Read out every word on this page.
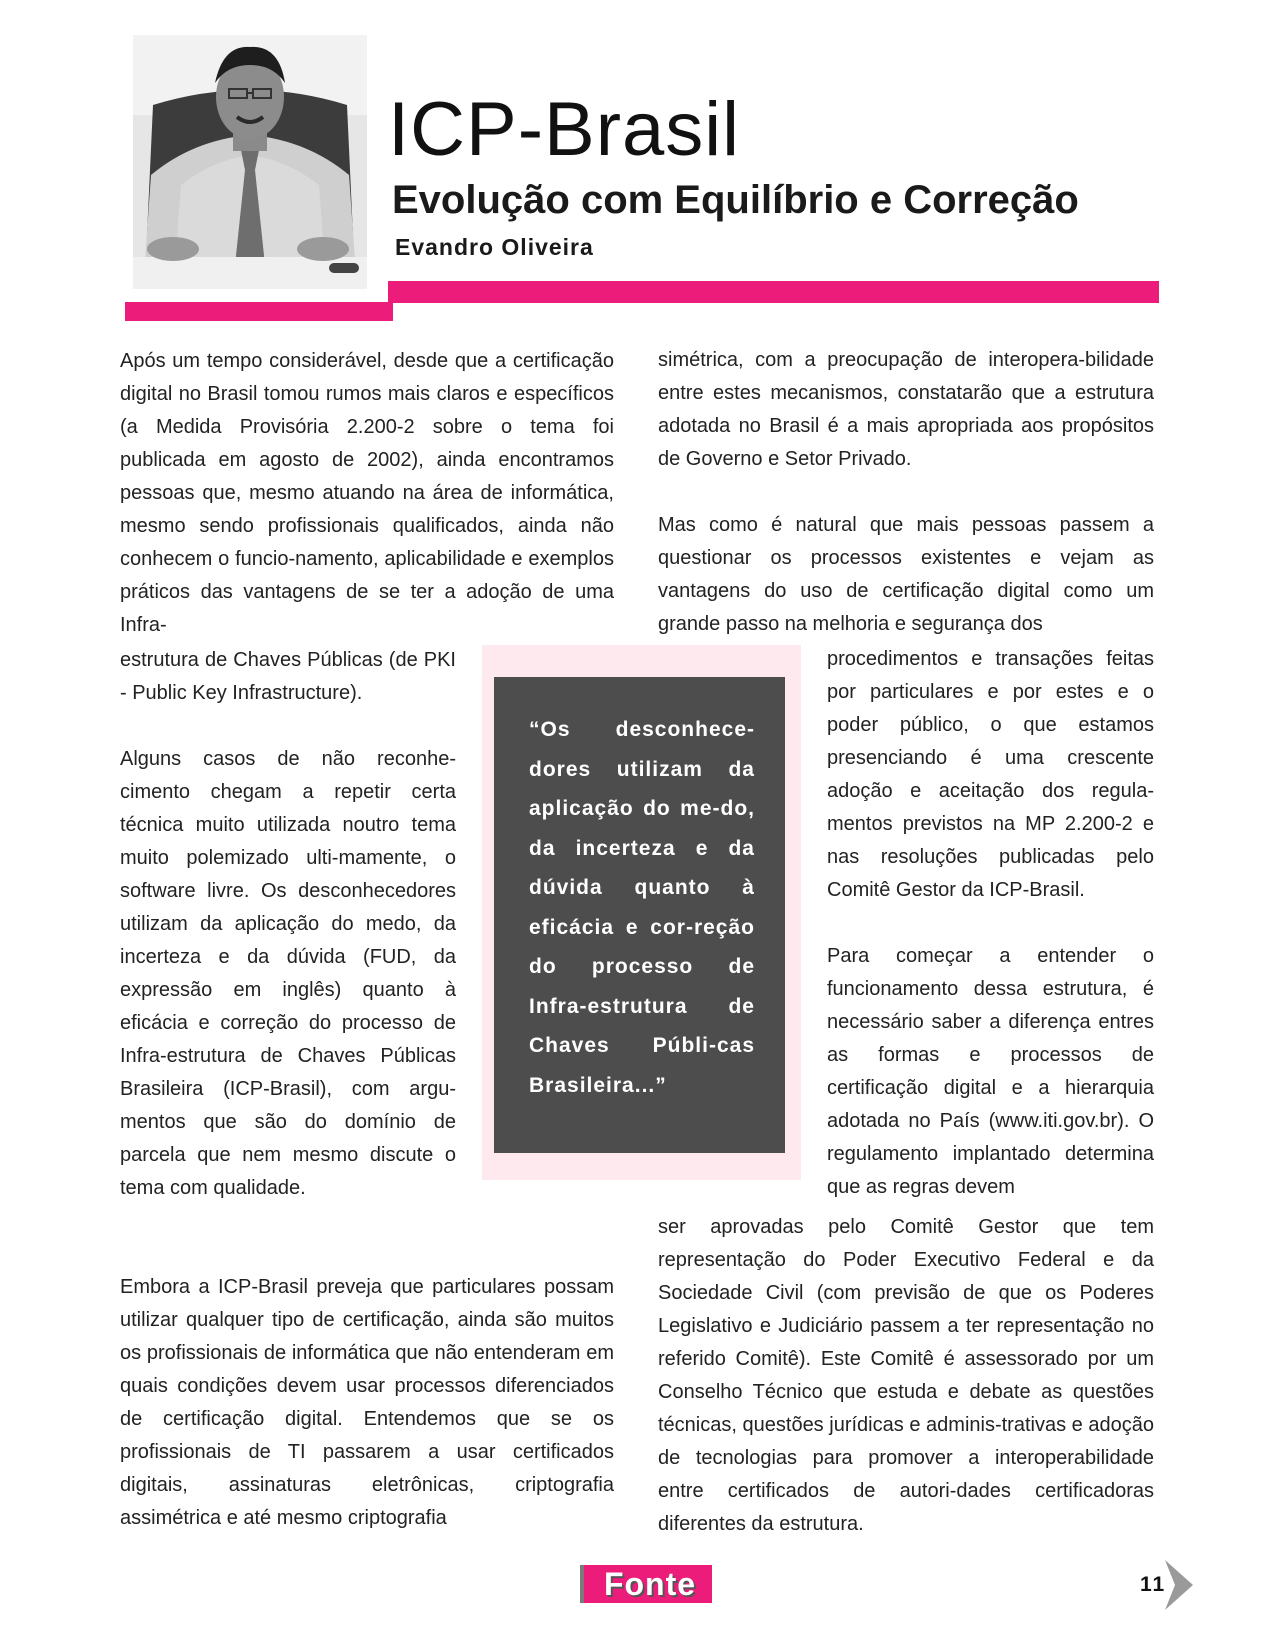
ICP-Brasil
Evolução com Equilíbrio e Correção
Evandro Oliveira

Após um tempo considerável, desde que a certificação digital no Brasil tomou rumos mais claros e específicos (a Medida Provisória 2.200-2 sobre o tema foi publicada em agosto de 2002), ainda encontramos pessoas que, mesmo atuando na área de informática, mesmo sendo profissionais qualificados, ainda não conhecem o funcio-namento, aplicabilidade e exemplos práticos das vantagens de se ter a adoção de uma Infra-

estrutura de Chaves Públicas (de PKI - Public Key Infrastructure).

Alguns casos de não reconhe-cimento chegam a repetir certa técnica muito utilizada noutro tema muito polemizado ulti-mamente, o software livre. Os desconhecedores utilizam da aplicação do medo, da incerteza e da dúvida (FUD, da expressão em inglês) quanto à eficácia e correção do processo de Infra-estrutura de Chaves Públicas Brasileira (ICP-Brasil), com argu-mentos que são do domínio de parcela que nem mesmo discute o tema com qualidade.

Embora a ICP-Brasil preveja que particulares possam utilizar qualquer tipo de certificação, ainda são muitos os profissionais de informática que não entenderam em quais condições devem usar processos diferenciados de certificação digital. Entendemos que se os profissionais de TI passarem a usar certificados digitais, assinaturas eletrônicas, criptografia assimétrica e até mesmo criptografia

simétrica, com a preocupação de interopera-bilidade entre estes mecanismos, constatarão que a estrutura adotada no Brasil é a mais apropriada aos propósitos de Governo e Setor Privado.

Mas como é natural que mais pessoas passem a questionar os processos existentes e vejam as vantagens do uso de certificação digital como um grande passo na melhoria e segurança dos

procedimentos e transações feitas por particulares e por estes e o poder público, o que estamos presenciando é uma crescente adoção e aceitação dos regula-mentos previstos na MP 2.200-2 e nas resoluções publicadas pelo Comitê Gestor da ICP-Brasil.

Para começar a entender o funcionamento dessa estrutura, é necessário saber a diferença entres as formas e processos de certificação digital e a hierarquia adotada no País (www.iti.gov.br). O regulamento implantado determina que as regras devem

ser aprovadas pelo Comitê Gestor que tem representação do Poder Executivo Federal e da Sociedade Civil (com previsão de que os Poderes Legislativo e Judiciário passem a ter representação no referido Comitê). Este Comitê é assessorado por um Conselho Técnico que estuda e debate as questões técnicas, questões jurídicas e adminis-trativas e adoção de tecnologias para promover a interoperabilidade entre certificados de autori-dades certificadoras diferentes da estrutura.

“Os desconhece-dores utilizam da aplicação do me-do, da incerteza e da dúvida quanto à eficácia e cor-reção do processo de Infra-estrutura de Chaves Públi-cas Brasileira...”
Fonte	11
